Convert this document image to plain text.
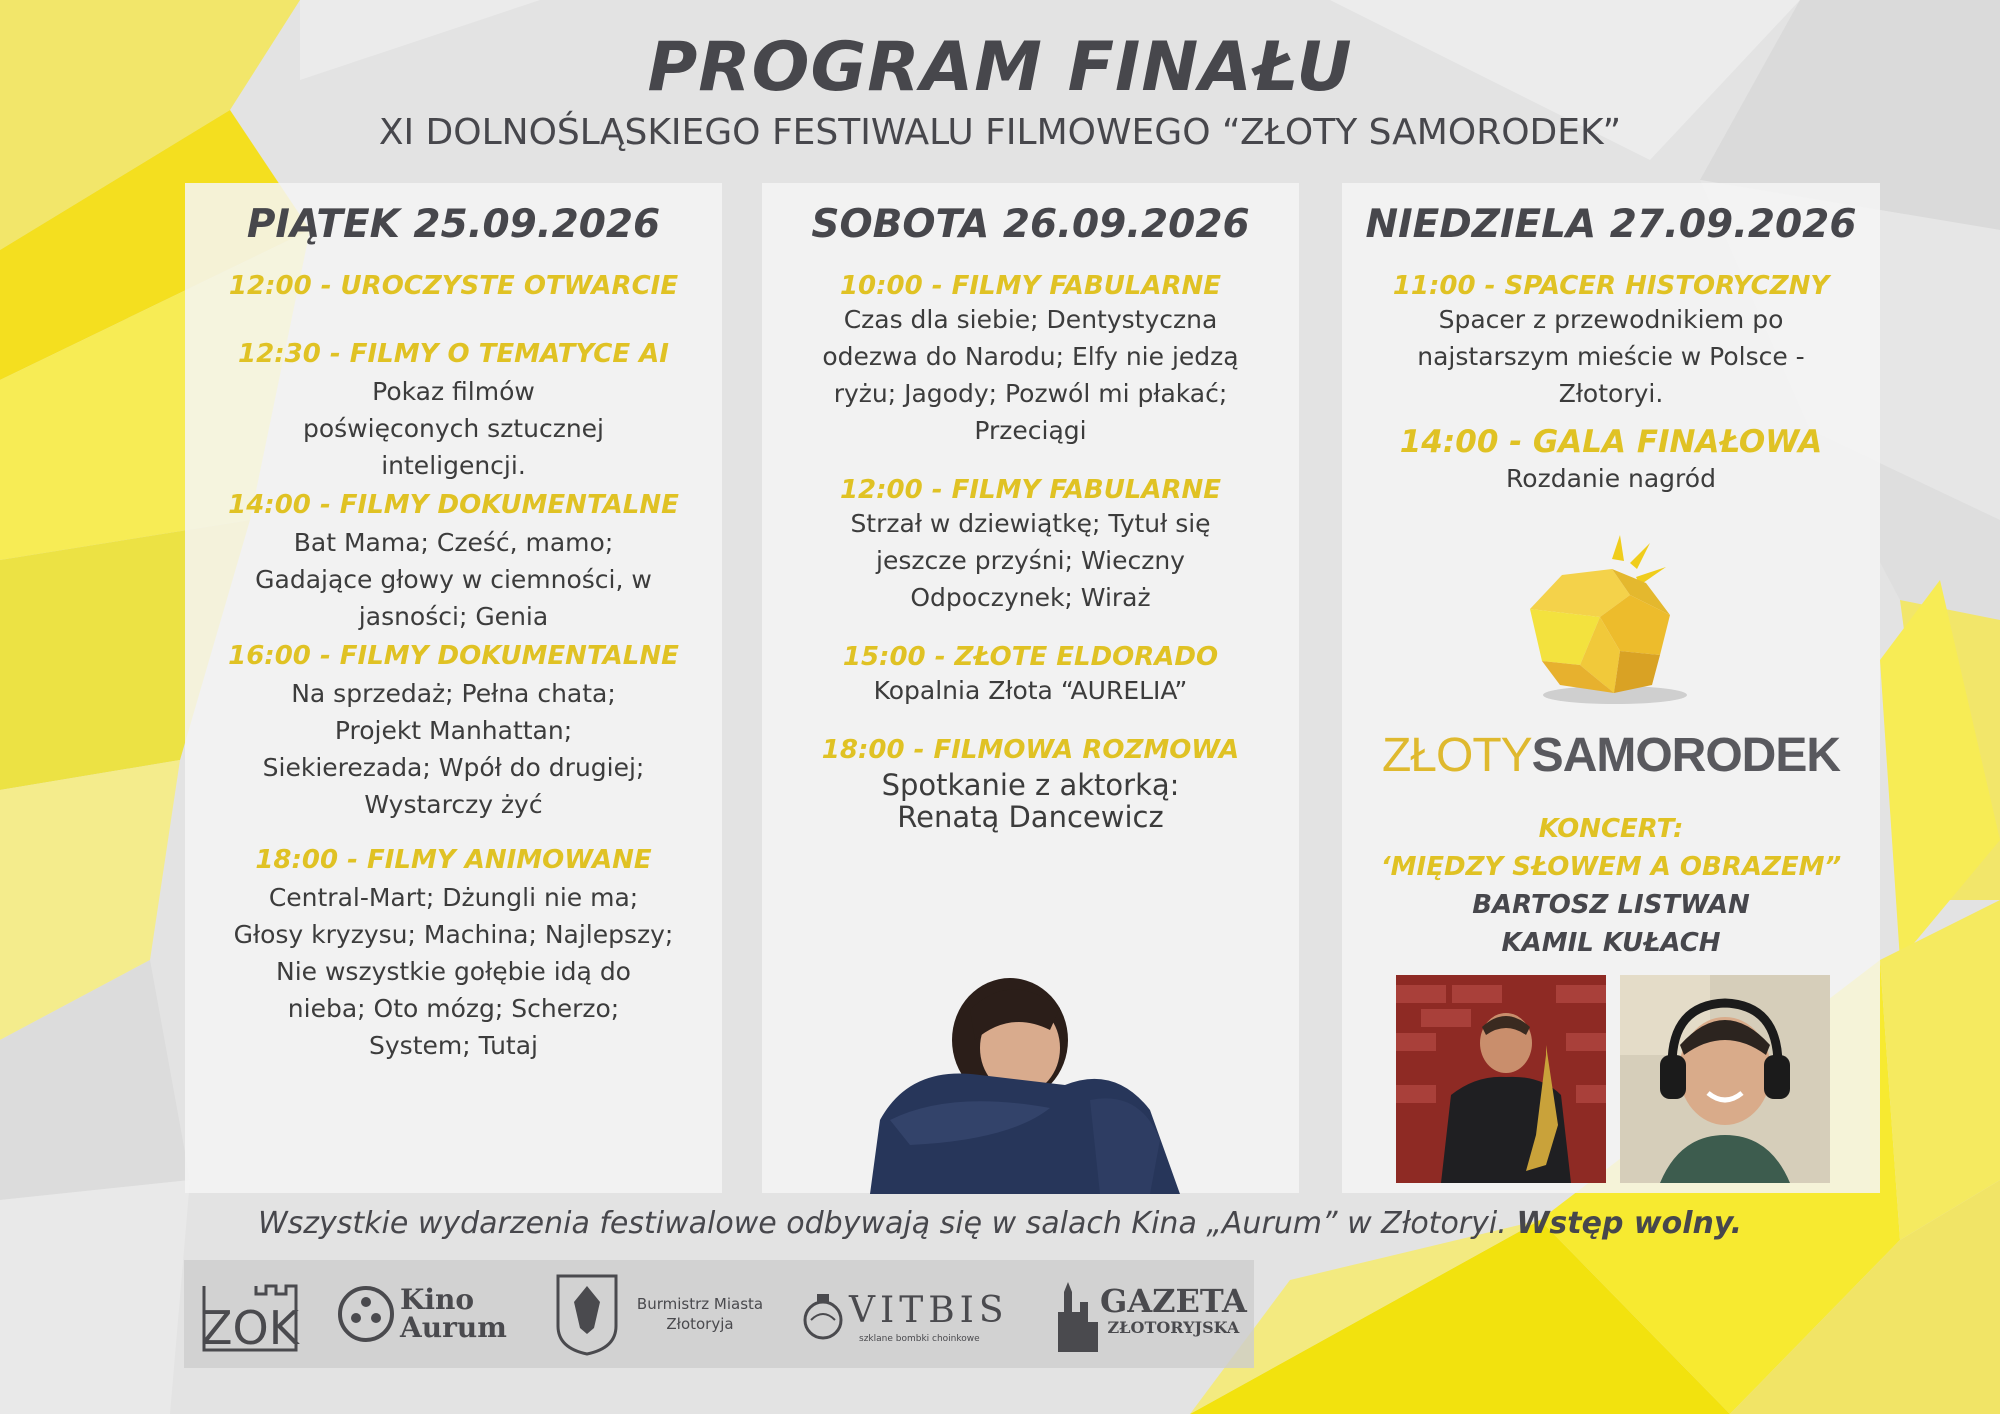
PROGRAM FINAŁU
XI DOLNOŚLĄSKIEGO FESTIWALU FILMOWEGO “ZŁOTY SAMORODEK”
PIĄTEK 25.09.2026
12:00 - UROCZYSTE OTWARCIE
12:30 - FILMY O TEMATYCE AI
Pokaz filmów poświęconych sztucznej inteligencji.
14:00 - FILMY DOKUMENTALNE
Bat Mama; Cześć, mamo; Gadające głowy w ciemności, w jasności; Genia
16:00 - FILMY DOKUMENTALNE
Na sprzedaż; Pełna chata; Projekt Manhattan; Siekierezada; Wpół do drugiej; Wystarczy żyć
18:00 - FILMY ANIMOWANE
Central-Mart; Dżungli nie ma; Głosy kryzysu; Machina; Najlepszy; Nie wszystkie gołębie idą do nieba; Oto mózg; Scherzo; System; Tutaj
SOBOTA 26.09.2026
10:00 - FILMY FABULARNE
Czas dla siebie; Dentystyczna odezwa do Narodu; Elfy nie jedzą ryżu; Jagody; Pozwól mi płakać; Przeciągi
12:00 - FILMY FABULARNE
Strzał w dziewiątkę; Tytuł się jeszcze przyśni; Wieczny Odpoczynek; Wiraż
15:00 - ZŁOTE ELDORADO
Kopalnia Złota “AURELIA”
18:00 - FILMOWA ROZMOWA
Spotkanie z aktorką: Renatą Dancewicz
NIEDZIELA 27.09.2026
11:00 - SPACER HISTORYCZNY
Spacer z przewodnikiem po najstarszym mieście w Polsce - Złotoryi.
14:00 - GALA FINAŁOWA
Rozdanie nagród
ZŁOTYSAMORODEK
KONCERT:
‘MIĘDZY SŁOWEM A OBRAZEM”
BARTOSZ LISTWAN
KAMIL KUŁACH
Wszystkie wydarzenia festiwalowe odbywają się w salach Kina „Aurum” w Złotoryi. Wstęp wolny.
ZOK
Kino
Aurum
Burmistrz Miasta
Złotoryja	VITBIS
szklane bombki choinkowe
GAZETA
ZŁOTORYJSKA
